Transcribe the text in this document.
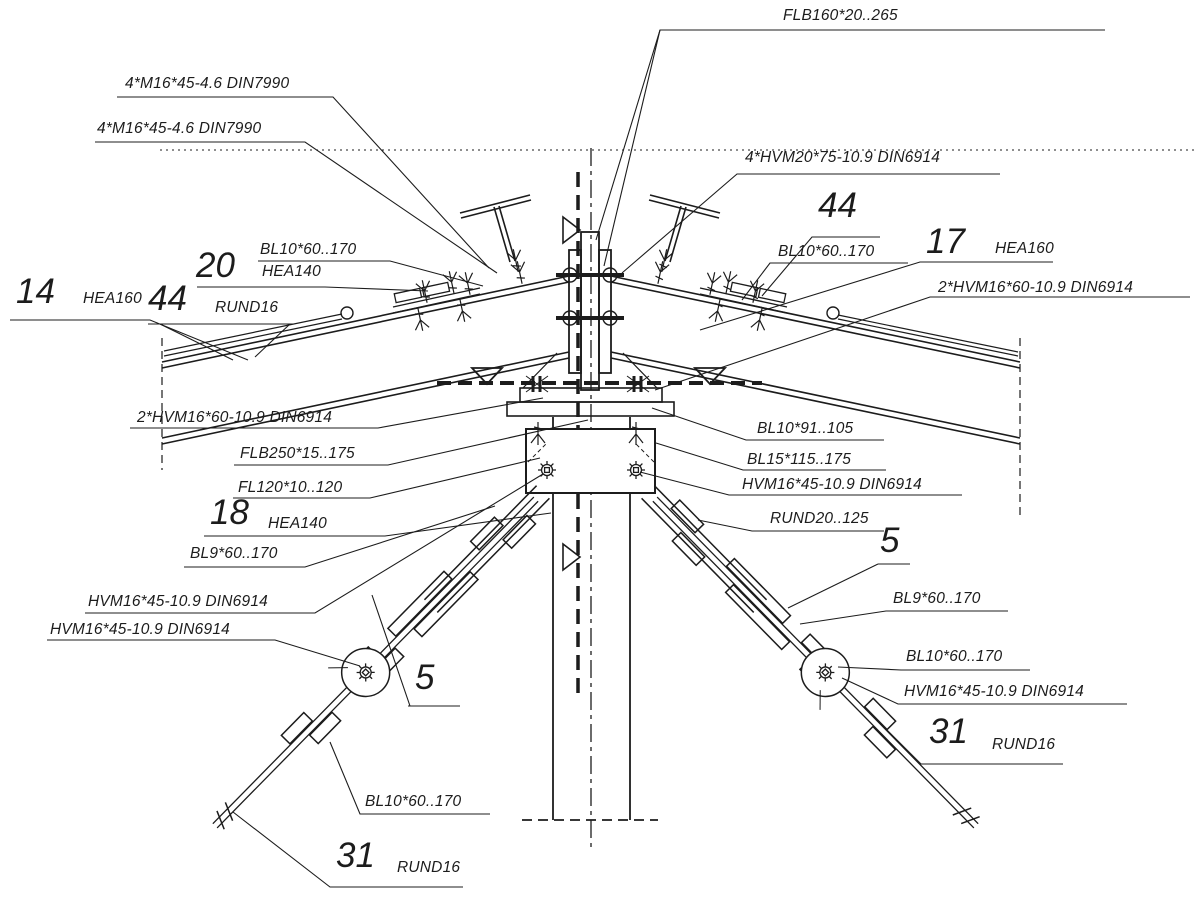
FLB160*20..265
4*M16*45-4.6 DIN7990
4*M16*45-4.6 DIN7990
4*HVM20*75-10.9 DIN6914
44
BL10*60..170 17 HEA160
2*HVM16*60-10.9 DIN6914
14 HEA160
20 BL10*60..170
HEA140
44 RUND16
2*HVM16*60-10.9 DIN6914
FLB250*15..175
FL120*10..120
18 HEA140
BL9*60..170
HVM16*45-10.9 DIN6914
HVM16*45-10.9 DIN6914
5
BL10*91..105
BL15*115..175
HVM16*45-10.9 DIN6914
RUND20..125
5
BL9*60..170
BL10*60..170
HVM16*45-10.9 DIN6914
31 RUND16
BL10*60..170
31 RUND16
